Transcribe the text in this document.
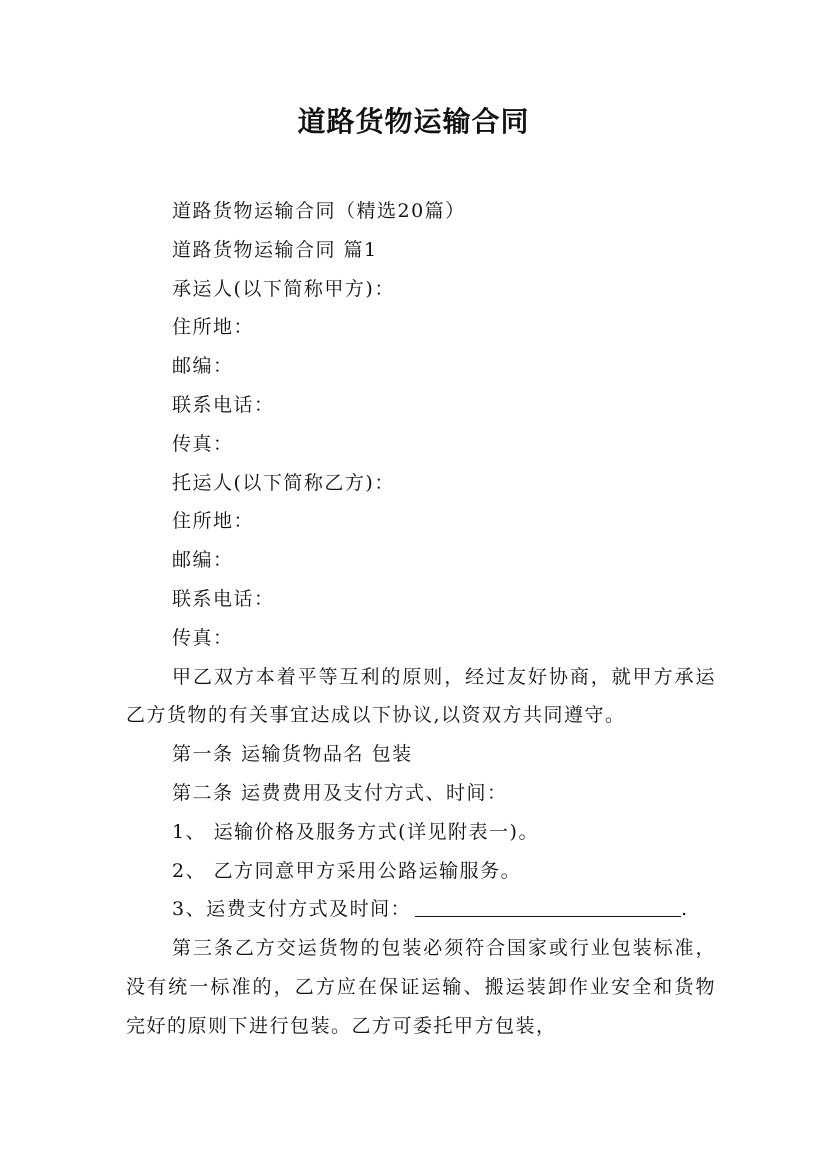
道路货物运输合同

道路货物运输合同（精选20篇）

道路货物运输合同 篇1

承运人(以下简称甲方)：

住所地：

邮编：

联系电话：

传真：

托运人(以下简称乙方)：

住所地：

邮编：

联系电话：

传真：

甲乙双方本着平等互利的原则，经过友好协商，就甲方承运乙方货物的有关事宜达成以下协议,以资双方共同遵守。

第一条 运输货物品名 包装

第二条 运费费用及支付方式、时间：

1、 运输价格及服务方式(详见附表一)。

2、 乙方同意甲方采用公路运输服务。

3、运费支付方式及时间：	.

第三条乙方交运货物的包装必须符合国家或行业包装标准，没有统一标准的，乙方应在保证运输、搬运装卸作业安全和货物完好的原则下进行包装。乙方可委托甲方包装，
